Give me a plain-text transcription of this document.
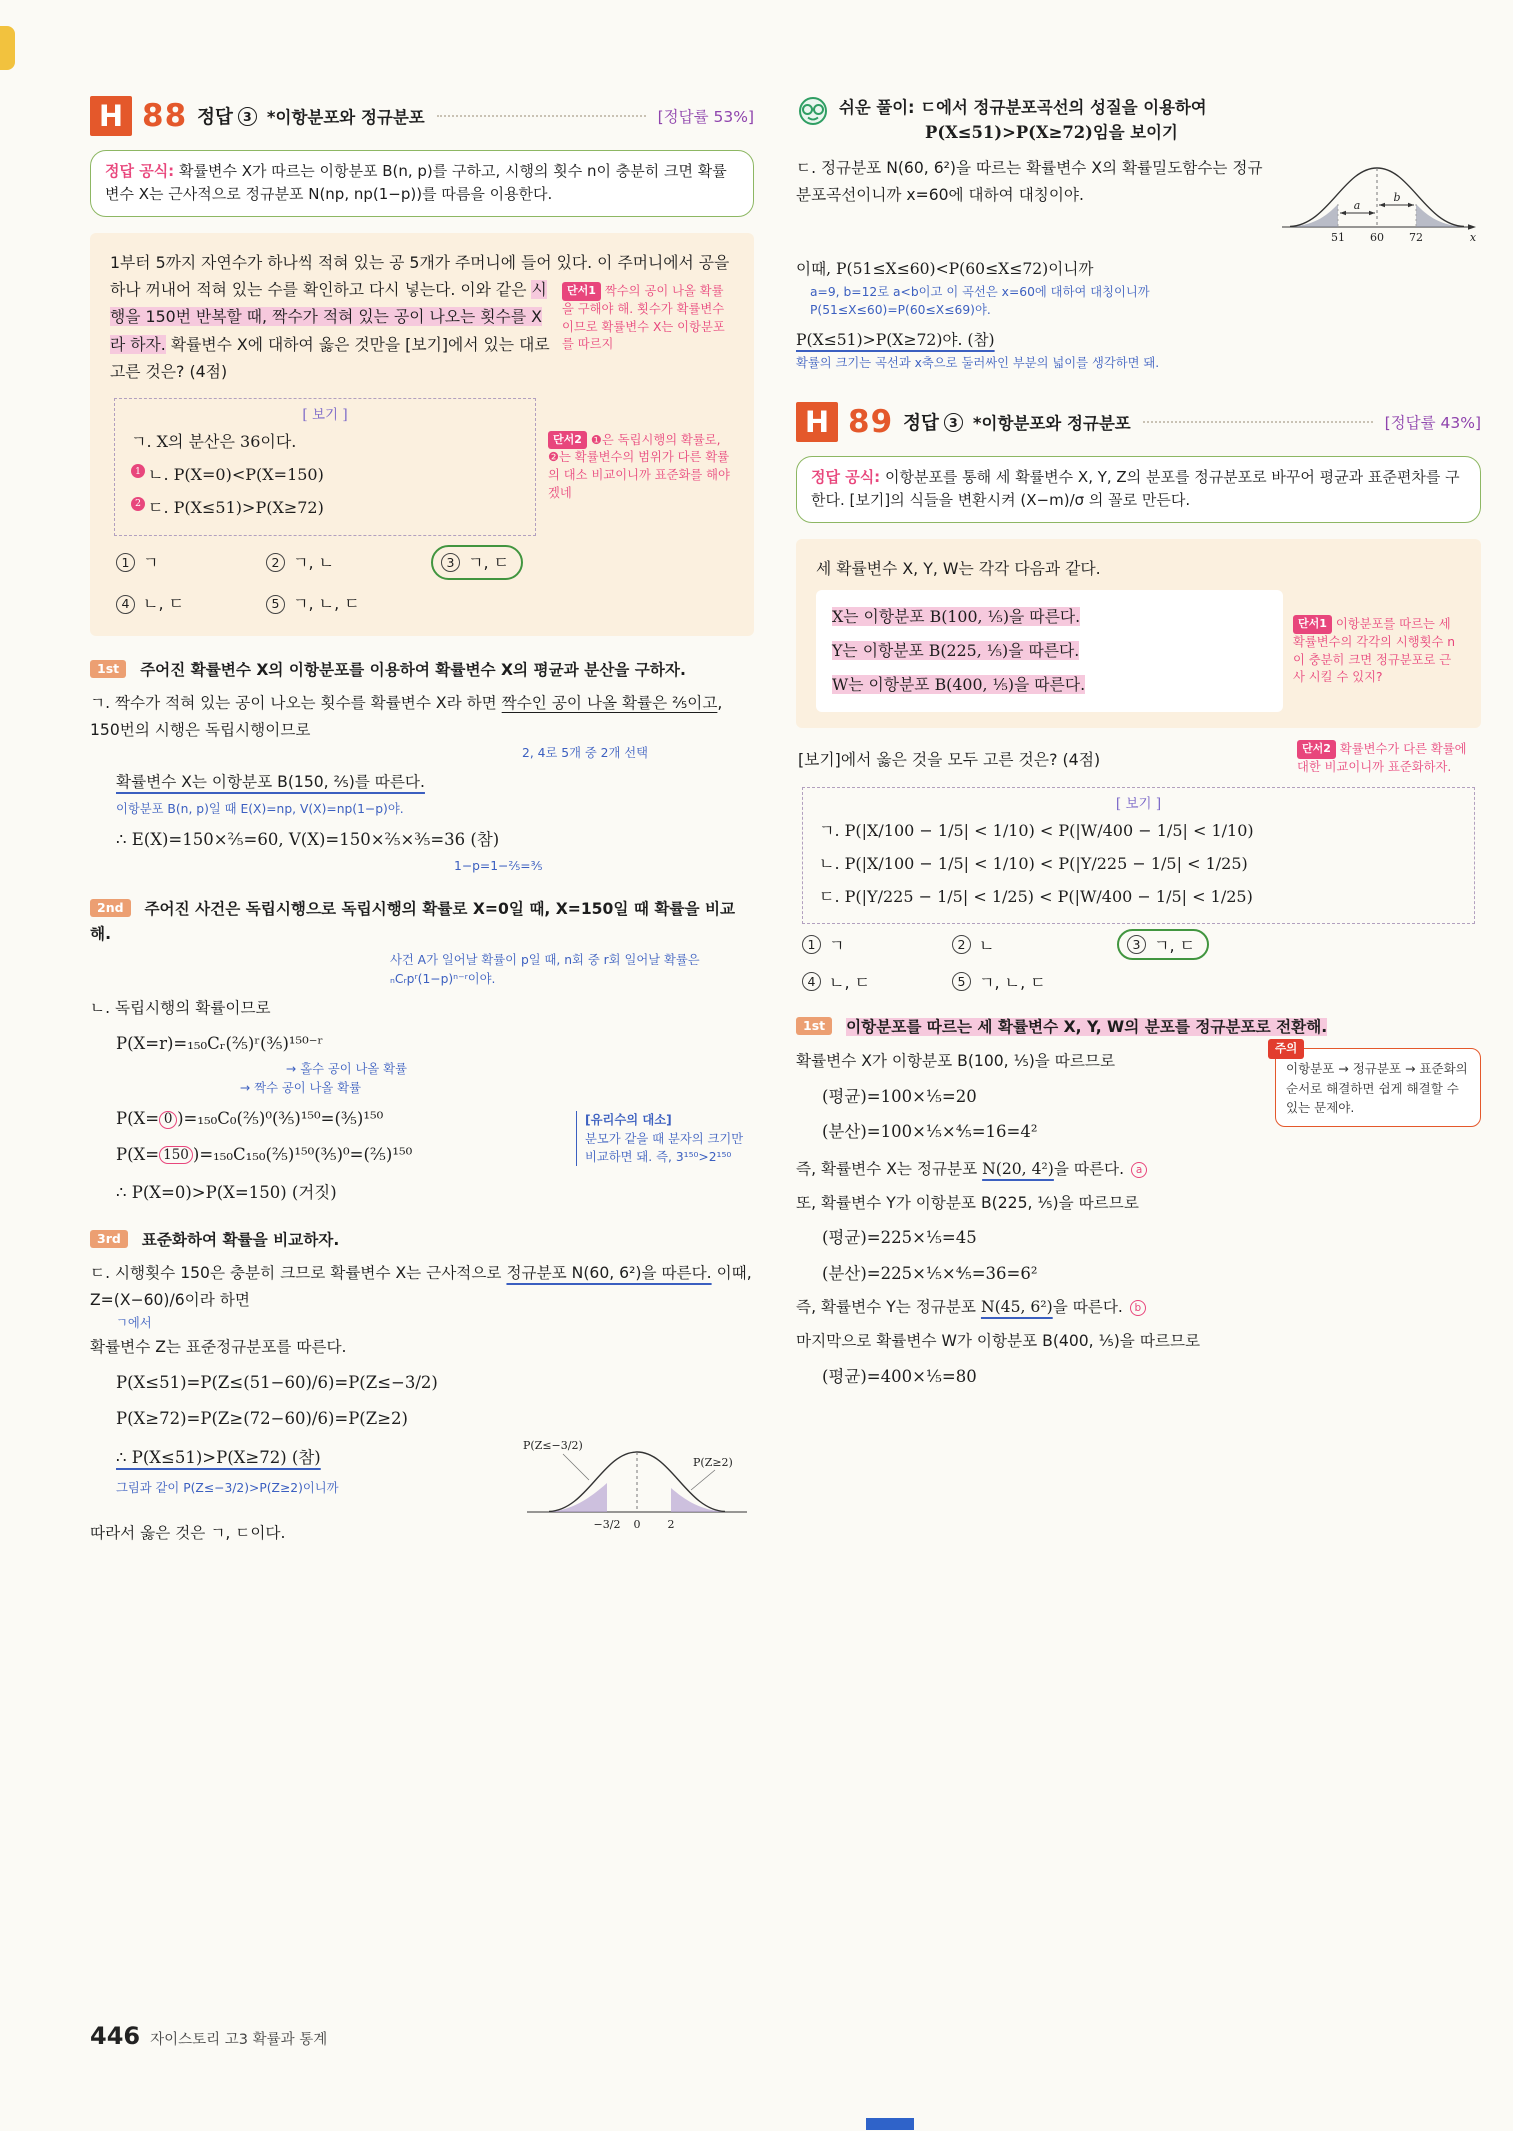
H 88 정답 3 *이항분포와 정규분포	[정답률 53%]
정답 공식: 확률변수 X가 따르는 이항분포 B(n, p)를 구하고, 시행의 횟수 n이 충분히 크면 확률변수 X는 근사적으로 정규분포 N(np, np(1−p))를 따름을 이용한다.
1부터 5까지 자연수가 하나씩 적혀 있는 공 5개가 주머니에 들어 있다. 이 주머니에서 공을 하나 꺼내어 적혀 있는 수를 확인하고 다시 넣는다. 이와 같은	단서1 짝수의 공이 나올 확률을 구해야 해. 횟수가 확률변수 이므로 확률변수 X는 이항분포를 따르지
시행을 150번 반복할 때, 짝수가 적혀 있는 공이 나오는 횟수를 X라 하자. 확률변수 X에 대하여 옳은 것만을 [보기]에서 있는 대로 고른 것은? (4점)
[ 보기 ]
ㄱ. X의 분산은 36이다.
1 ㄴ. P(X=0)<P(X=150)
2 ㄷ. P(X≤51)>P(X≥72)
단서2 ❶은 독립시행의 확률로, ❷는 확률변수의 범위가 다른 확률의 대소 비교이니까 표준화를 해야겠네
1 ㄱ	2 ㄱ, ㄴ	3 ㄱ, ㄷ
4 ㄴ, ㄷ	5 ㄱ, ㄴ, ㄷ
1st 주어진 확률변수 X의 이항분포를 이용하여 확률변수 X의 평균과 분산을 구하자.
ㄱ. 짝수가 적혀 있는 공이 나오는 횟수를 확률변수 X라 하면 짝수인 공이 나올 확률은 ⅖이고, 150번의 시행은 독립시행이므로
2, 4로 5개 중 2개 선택
확률변수 X는 이항분포 B(150, ⅖)를 따른다.
이항분포 B(n, p)일 때 E(X)=np, V(X)=np(1−p)야.
∴ E(X)=150×⅖=60, V(X)=150×⅖×⅗=36 (참)
1−p=1−⅖=⅗
2nd 주어진 사건은 독립시행으로 독립시행의 확률로 X=0일 때, X=150일 때 확률을 비교해.
사건 A가 일어날 확률이 p일 때, n회 중 r회 일어날 확률은 ₙCᵣpʳ(1−p)ⁿ⁻ʳ이야.
ㄴ. 독립시행의 확률이므로
P(X=r)=₁₅₀Cᵣ(⅖)ʳ(⅗)¹⁵⁰⁻ʳ
→ 홀수 공이 나올 확률
→ 짝수 공이 나올 확률
P(X= 0 )=₁₅₀C₀(⅖)⁰(⅗)¹⁵⁰=(⅗)¹⁵⁰
P(X= 150 )=₁₅₀C₁₅₀(⅖)¹⁵⁰(⅗)⁰=(⅖)¹⁵⁰
[유리수의 대소]
분모가 같을 때 분자의 크기만 비교하면 돼. 즉, 3¹⁵⁰>2¹⁵⁰
∴ P(X=0)>P(X=150) (거짓)
3rd 표준화하여 확률을 비교하자.
ㄷ. 시행횟수 150은 충분히 크므로 확률변수 X는 근사적으로 정규분포 N(60, 6²)을 따른다. 이때, Z=(X−60)/6이라 하면
ㄱ에서
확률변수 Z는 표준정규분포를 따른다.
P(X≤51)=P(Z≤(51−60)/6)=P(Z≤−3/2)
P(X≥72)=P(Z≥(72−60)/6)=P(Z≥2)
∴ P(X≤51)>P(X≥72) (참)
그림과 같이 P(Z≤−3/2)>P(Z≥2)이니까
따라서 옳은 것은 ㄱ, ㄷ이다.
P(Z≤−3/2)
P(Z≥2)
−3/2 0 2
쉬운 풀이: ㄷ에서 정규분포곡선의 성질을 이용하여
P(X≤51)>P(X≥72)임을 보이기
ㄷ. 정규분포 N(60, 6²)을 따르는 확률변수 X의 확률밀도함수는 정규분포곡선이니까 x=60에 대하여 대칭이야.
a
b
51 60 72	x
이때, P(51≤X≤60)<P(60≤X≤72)이니까
a=9, b=12로 a<b이고 이 곡선은 x=60에 대하여 대칭이니까
P(51≤X≤60)=P(60≤X≤69)야.
P(X≤51)>P(X≥72)야. (참)
확률의 크기는 곡선과 x축으로 둘러싸인 부분의 넓이를 생각하면 돼.
H 89 정답 3 *이항분포와 정규분포	[정답률 43%]
정답 공식: 이항분포를 통해 세 확률변수 X, Y, Z의 분포를 정규분포로 바꾸어 평균과 표준편차를 구한다. [보기]의 식들을 변환시켜 (X−m)/σ 의 꼴로 만든다.
세 확률변수 X, Y, W는 각각 다음과 같다.
X는 이항분포 B(100, ⅕)을 따른다.
Y는 이항분포 B(225, ⅕)을 따른다.
W는 이항분포 B(400, ⅕)을 따른다.
단서1 이항분포를 따르는 세 확률변수의 각각의 시행횟수 n이 충분히 크면 정규분포로 근사 시킬 수 있지?
[보기]에서 옳은 것을 모두 고른 것은? (4점)
단서2 확률변수가 다른 확률에 대한 비교이니까 표준화하자.
[ 보기 ]
ㄱ. P(|X/100 − 1/5| < 1/10) < P(|W/400 − 1/5| < 1/10)
ㄴ. P(|X/100 − 1/5| < 1/10) < P(|Y/225 − 1/5| < 1/25)
ㄷ. P(|Y/225 − 1/5| < 1/25) < P(|W/400 − 1/5| < 1/25)
1 ㄱ	2 ㄴ	3 ㄱ, ㄷ
4 ㄴ, ㄷ	5 ㄱ, ㄴ, ㄷ
1st 이항분포를 따르는 세 확률변수 X, Y, W의 분포를 정규분포로 전환해.
확률변수 X가 이항분포 B(100, ⅕)을 따르므로
(평균)=100×⅕=20
(분산)=100×⅕×⅘=16=4²
주의
이항분포 → 정규분포 → 표준화의 순서로 해결하면 쉽게 해결할 수 있는 문제야.
즉, 확률변수 X는 정규분포 N(20, 4²)을 따른다. a
또, 확률변수 Y가 이항분포 B(225, ⅕)을 따르므로
(평균)=225×⅕=45
(분산)=225×⅕×⅘=36=6²
즉, 확률변수 Y는 정규분포 N(45, 6²)을 따른다. b
마지막으로 확률변수 W가 이항분포 B(400, ⅕)을 따르므로
(평균)=400×⅕=80
446 자이스토리 고3 확률과 통계
